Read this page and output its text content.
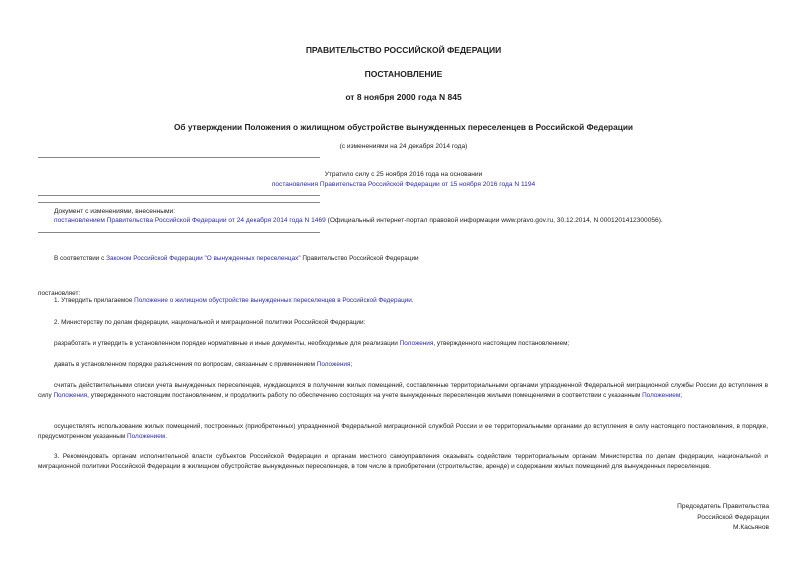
ПРАВИТЕЛЬСТВО РОССИЙСКОЙ ФЕДЕРАЦИИ
ПОСТАНОВЛЕНИЕ
от 8 ноября 2000 года N 845
Об утверждении Положения о жилищном обустройстве вынужденных переселенцев в Российской Федерации
(с изменениями на 24 декабря 2014 года)
Утратило силу с 25 ноября 2016 года на основании
постановления Правительства Российской Федерации от 15 ноября 2016 года N 1194
Документ с изменениями, внесенными:
постановлением Правительства Российской Федерации от 24 декабря 2014 года N 1469 (Официальный интернет-портал правовой информации www.pravo.gov.ru, 30.12.2014, N 0001201412300056).
В соответствии с Законом Российской Федерации "О вынужденных переселенцах" Правительство Российской Федерации
постановляет:
1. Утвердить прилагаемое Положение о жилищном обустройстве вынужденных переселенцев в Российской Федерации.
2. Министерству по делам федерации, национальной и миграционной политики Российской Федерации:
разработать и утвердить в установленном порядке нормативные и иные документы, необходимые для реализации Положения, утвержденного настоящим постановлением;
давать в установленном порядке разъяснения по вопросам, связанным с применением Положения;
считать действительными списки учета вынужденных переселенцев, нуждающихся в получении жилых помещений, составленные территориальными органами упраздненной Федеральной миграционной службы России до вступления в силу Положения, утвержденного настоящим постановлением, и продолжить работу по обеспечению состоящих на учете вынужденных переселенцев жилыми помещениями в соответствии с указанным Положением;
осуществлять использование жилых помещений, построенных (приобретенных) упраздненной Федеральной миграционной службой России и ее территориальными органами до вступления в силу настоящего постановления, в порядке, предусмотренном указанным Положением.
3. Рекомендовать органам исполнительной власти субъектов Российской Федерации и органам местного самоуправления оказывать содействие территориальным органам Министерства по делам федерации, национальной и миграционной политики Российской Федерации в жилищном обустройстве вынужденных переселенцев, в том числе в приобретении (строительстве, аренде) и содержании жилых помещений для вынужденных переселенцев.
Председатель Правительства
Российской Федерации
М.Касьянов
